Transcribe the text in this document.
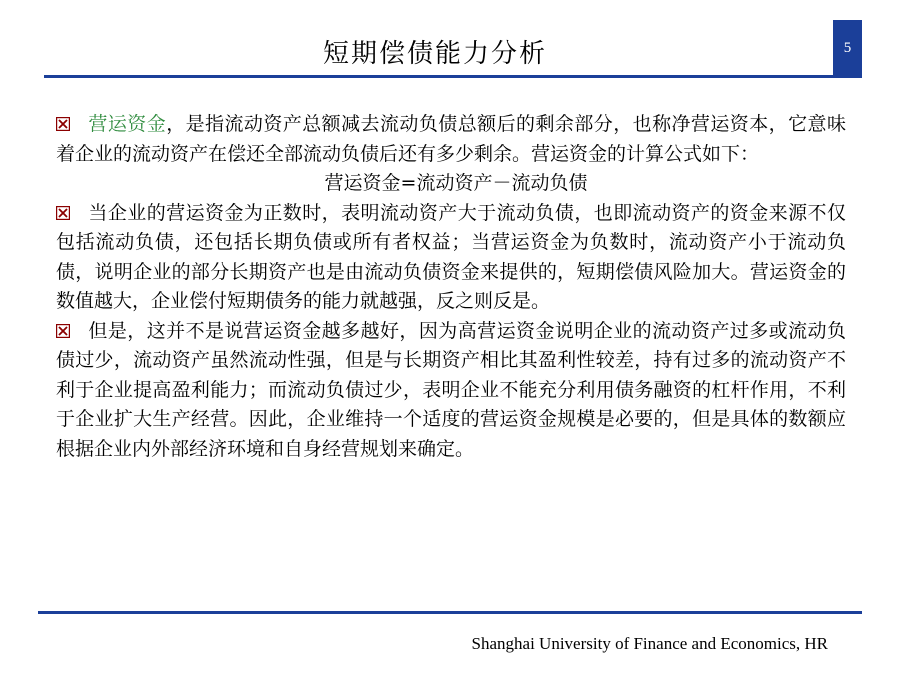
短期偿债能力分析	5

营运资金，是指流动资产总额减去流动负债总额后的剩余部分，也称净营运资本，它意味着企业的流动资产在偿还全部流动负债后还有多少剩余。营运资金的计算公式如下：

营运资金=流动资产－流动负债

当企业的营运资金为正数时，表明流动资产大于流动负债，也即流动资产的资金来源不仅包括流动负债，还包括长期负债或所有者权益；当营运资金为负数时，流动资产小于流动负债，说明企业的部分长期资产也是由流动负债资金来提供的，短期偿债风险加大。营运资金的数值越大，企业偿付短期债务的能力就越强，反之则反是。

但是，这并不是说营运资金越多越好，因为高营运资金说明企业的流动资产过多或流动负债过少，流动资产虽然流动性强，但是与长期资产相比其盈利性较差，持有过多的流动资产不利于企业提高盈利能力；而流动负债过少，表明企业不能充分利用债务融资的杠杆作用，不利于企业扩大生产经营。因此，企业维持一个适度的营运资金规模是必要的，但是具体的数额应根据企业内外部经济环境和自身经营规划来确定。

Shanghai University of Finance and Economics, HR
